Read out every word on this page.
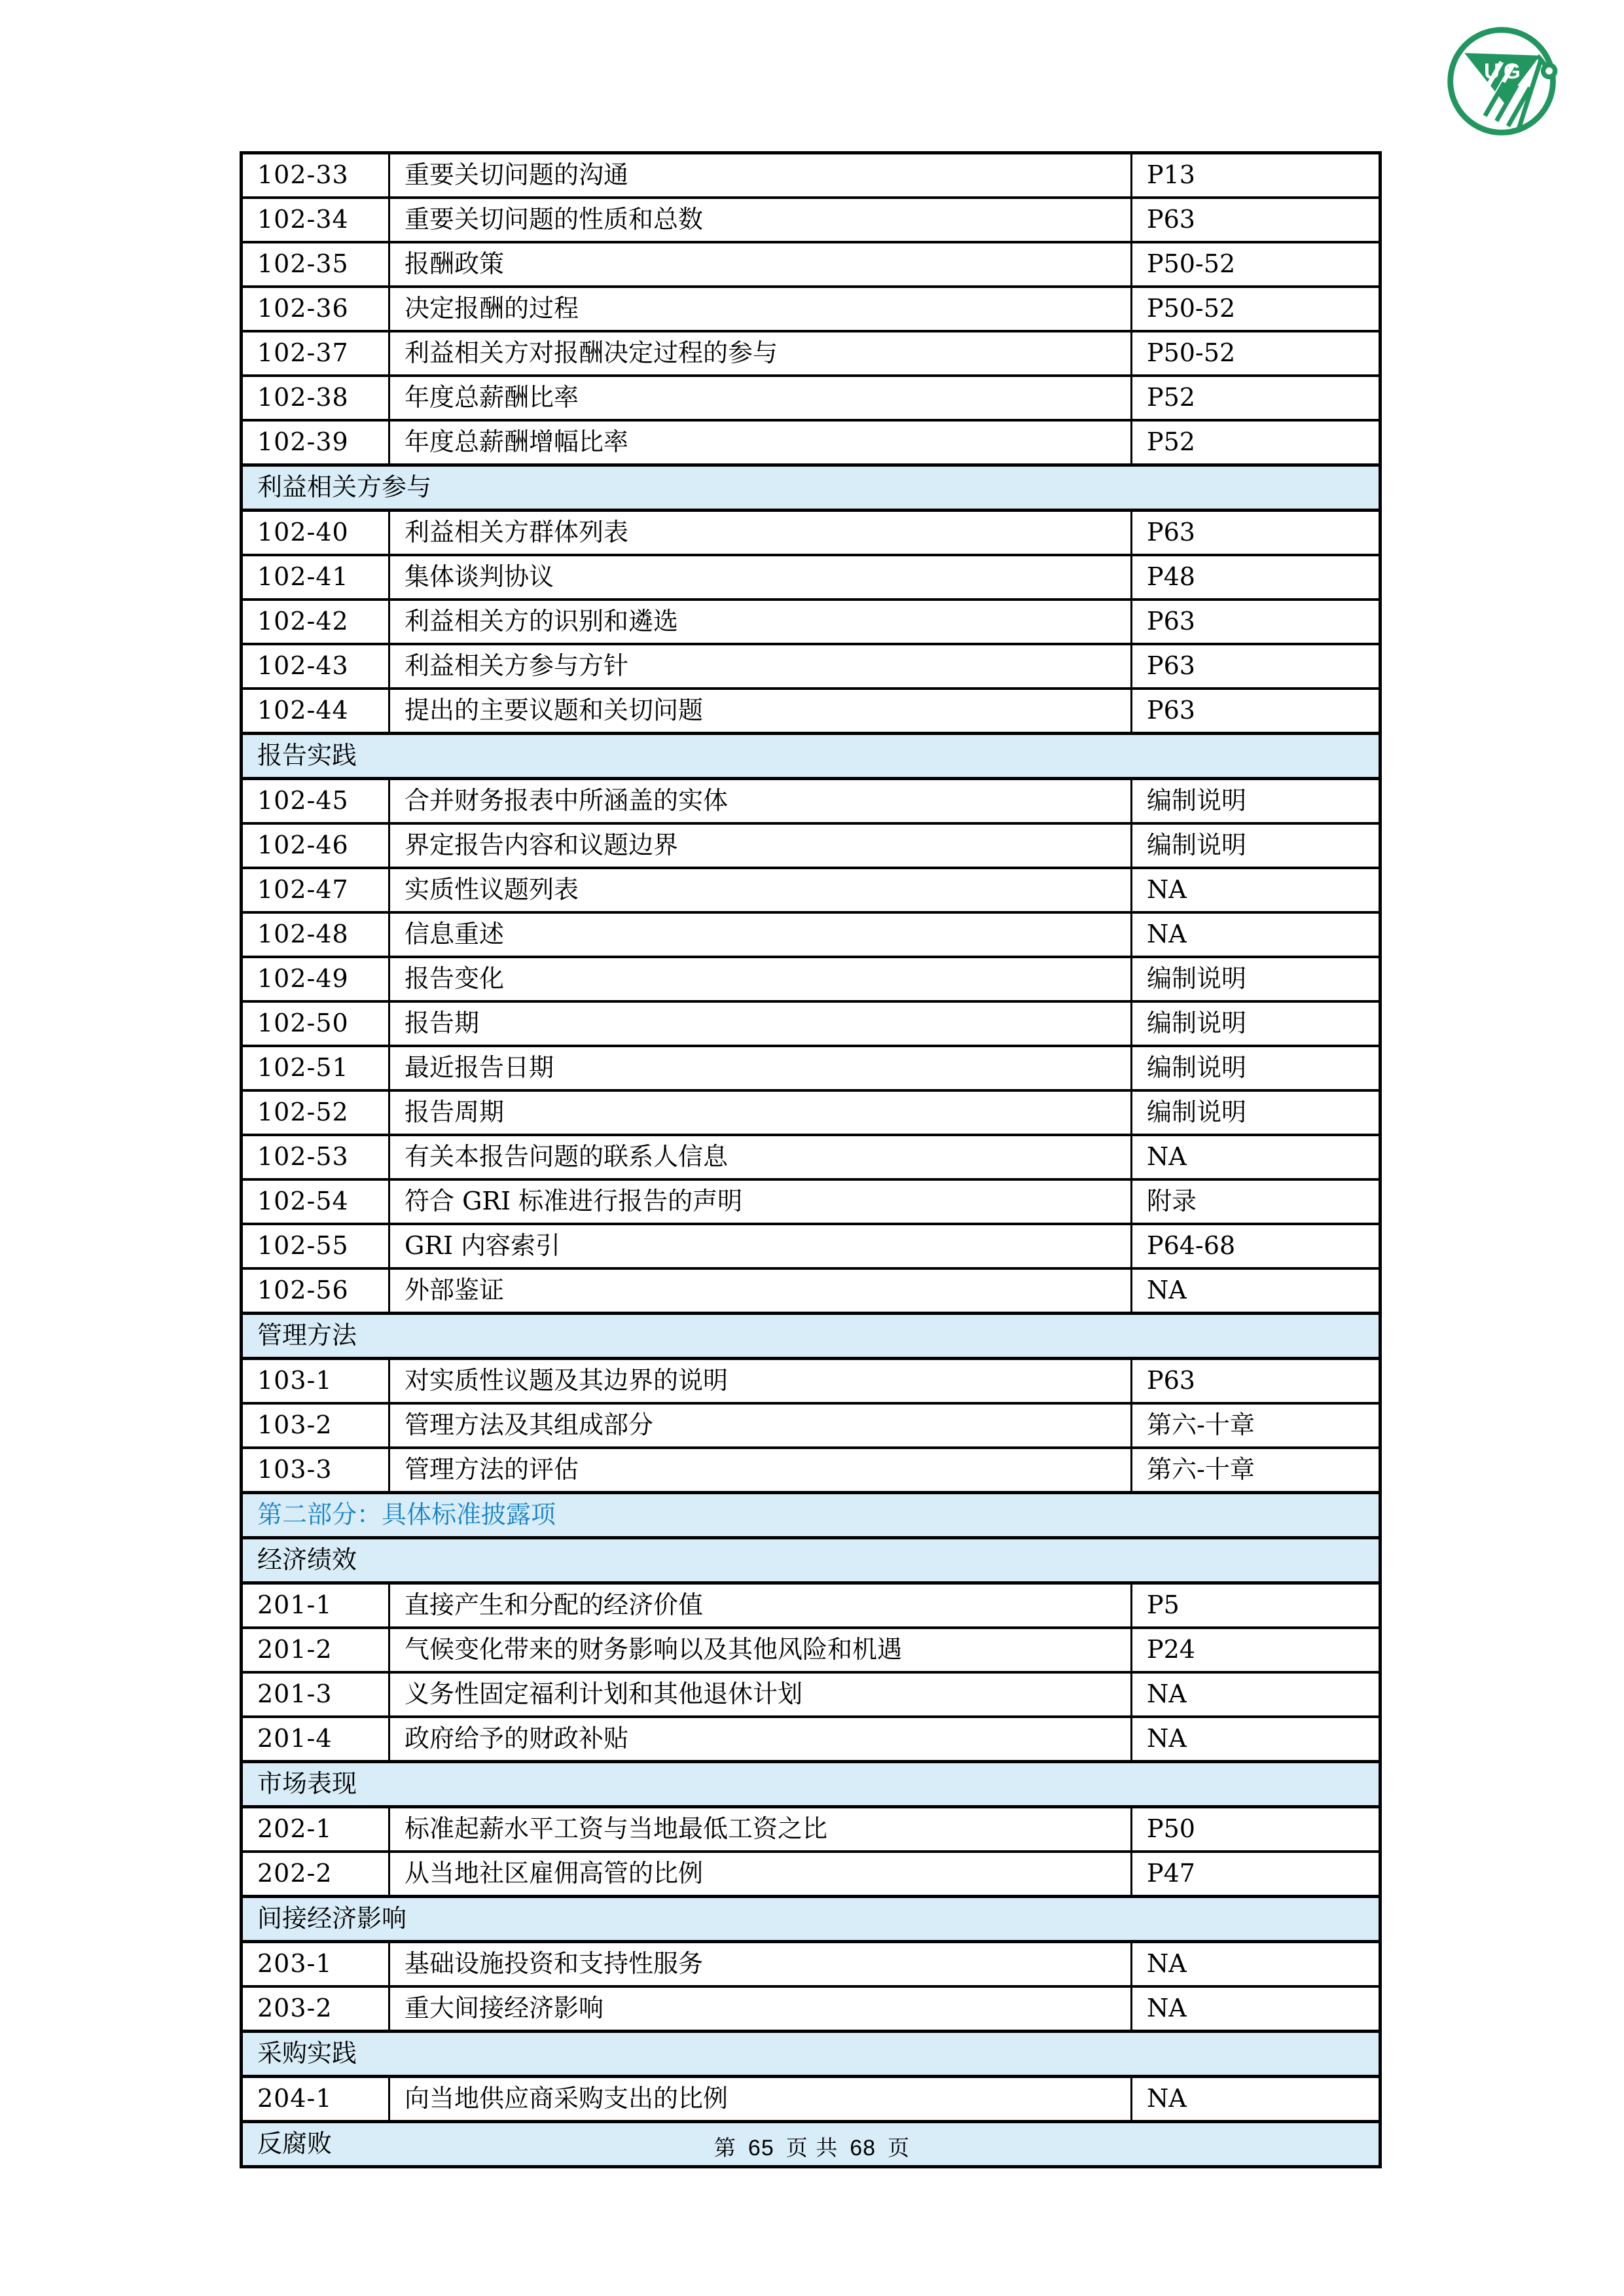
UG
102-33	重要关切问题的沟通	P13
102-34	重要关切问题的性质和总数	P63
102-35	报酬政策	P50-52
102-36	决定报酬的过程	P50-52
102-37	利益相关方对报酬决定过程的参与	P50-52
102-38	年度总薪酬比率	P52
102-39	年度总薪酬增幅比率	P52
利益相关方参与		
102-40	利益相关方群体列表	P63
102-41	集体谈判协议	P48
102-42	利益相关方的识别和遴选	P63
102-43	利益相关方参与方针	P63
102-44	提出的主要议题和关切问题	P63
报告实践		
102-45	合并财务报表中所涵盖的实体	编制说明
102-46	界定报告内容和议题边界	编制说明
102-47	实质性议题列表	NA
102-48	信息重述	NA
102-49	报告变化	编制说明
102-50	报告期	编制说明
102-51	最近报告日期	编制说明
102-52	报告周期	编制说明
102-53	有关本报告问题的联系人信息	NA
102-54	符合 GRI 标准进行报告的声明	附录
102-55	GRI 内容索引	P64-68
102-56	外部鉴证	NA
管理方法		
103-1	对实质性议题及其边界的说明	P63
103-2	管理方法及其组成部分	第六-十章
103-3	管理方法的评估	第六-十章
第二部分：具体标准披露项		
经济绩效		
201-1	直接产生和分配的经济价值	P5
201-2	气候变化带来的财务影响以及其他风险和机遇	P24
201-3	义务性固定福利计划和其他退休计划	NA
201-4	政府给予的财政补贴	NA
市场表现		
202-1	标准起薪水平工资与当地最低工资之比	P50
202-2	从当地社区雇佣高管的比例	P47
间接经济影响		
203-1	基础设施投资和支持性服务	NA
203-2	重大间接经济影响	NA
采购实践		
204-1	向当地供应商采购支出的比例	NA
反腐败			第 65 页 共 68 页
